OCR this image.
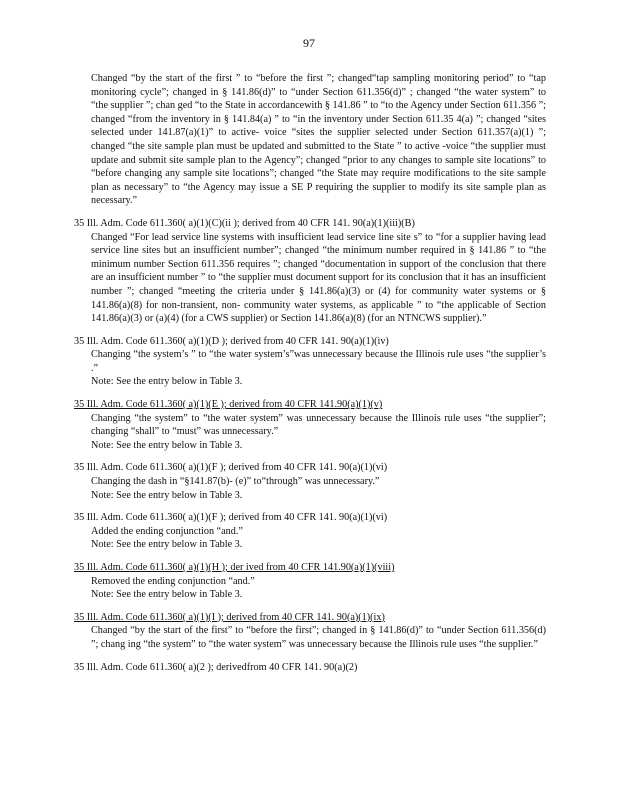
97

Changed “by the start of the first ” to “before the first ”; changed“tap sampling monitoring period” to “tap monitoring cycle”; changed in § 141.86(d)” to “under Section 611.356(d)” ; changed “the water system” to “the supplier ”; chan ged “to the State in accordancewith § 141.86 ” to “to the Agency under Section 611.356 ”; changed “from the inventory in § 141.84(a) ” to “in the inventory under Section 611.35 4(a) ”; changed “sites selected under 141.87(a)(1)” to active- voice “sites the supplier selected under Section 611.357(a)(1) ”; changed “the site sample plan must be updated and submitted to the State ” to active -voice “the supplier must update and submit site sample plan to the Agency”; changed “prior to any changes to sample site locations” to “before changing any sample site locations”; changed “the State may require modifications to the site sample plan as necessary” to “the Agency may issue a SE P requiring the supplier to modify its site sample plan as necessary.”

35 Ill. Adm. Code 611.360( a)(1)(C)(ii ); derived from 40 CFR 141. 90(a)(1)(iii)(B)

Changed “For lead service line systems with insufficient lead service line site s” to “for a supplier having lead service line sites but an insufficient number”; changed “the minimum number required in § 141.86 ” to “the minimum number Section 611.356 requires ”; changed “documentation in support of the conclusion that there are an insufficient number ” to “the supplier must document support for its conclusion that it has an insufficient number ”; changed “meeting the criteria under § 141.86(a)(3) or (4) for community water systems or § 141.86(a)(8) for non-transient, non- community water systems, as applicable ” to “the applicable of Section 141.86(a)(3) or (a)(4) (for a CWS supplier) or Section 141.86(a)(8) (for an NTNCWS supplier).”

35 Ill. Adm. Code 611.360( a)(1)(D ); derived from 40 CFR 141. 90(a)(1)(iv)

Changing “the system’s ” to “the water system’s”was unnecessary because the Illinois rule uses “the supplier’s .”

Note: See the entry below in Table 3.

35 Ill. Adm. Code 611.360( a)(1)(E ); derived from 40 CFR 141.90(a)(1)(v)

Changing “the system” to “the water system” was unnecessary because the Illinois rule uses “the supplier”; changing “shall” to “must” was unnecessary.”

Note: See the entry below in Table 3.

35 Ill. Adm. Code 611.360( a)(1)(F ); derived from 40 CFR 141. 90(a)(1)(vi)

Changing the dash in “§141.87(b)- (e)” to“through” was unnecessary.”

Note: See the entry below in Table 3.

35 Ill. Adm. Code 611.360( a)(1)(F ); derived from 40 CFR 141. 90(a)(1)(vi)

Added the ending conjunction “and.”

Note: See the entry below in Table 3.

35 Ill. Adm. Code 611.360( a)(1)(H ); der ived from 40 CFR 141.90(a)(1)(viii)

Removed the ending conjunction “and.”

Note: See the entry below in Table 3.

35 Ill. Adm. Code 611.360( a)(1)(I ); derived from 40 CFR 141. 90(a)(1)(ix)

Changed “by the start of the first” to “before the first”; changed in § 141.86(d)” to “under Section 611.356(d) ”; chang ing “the system” to “the water system” was unnecessary because the Illinois rule uses “the supplier.”

35 Ill. Adm. Code 611.360( a)(2 ); derivedfrom 40 CFR 141. 90(a)(2)
